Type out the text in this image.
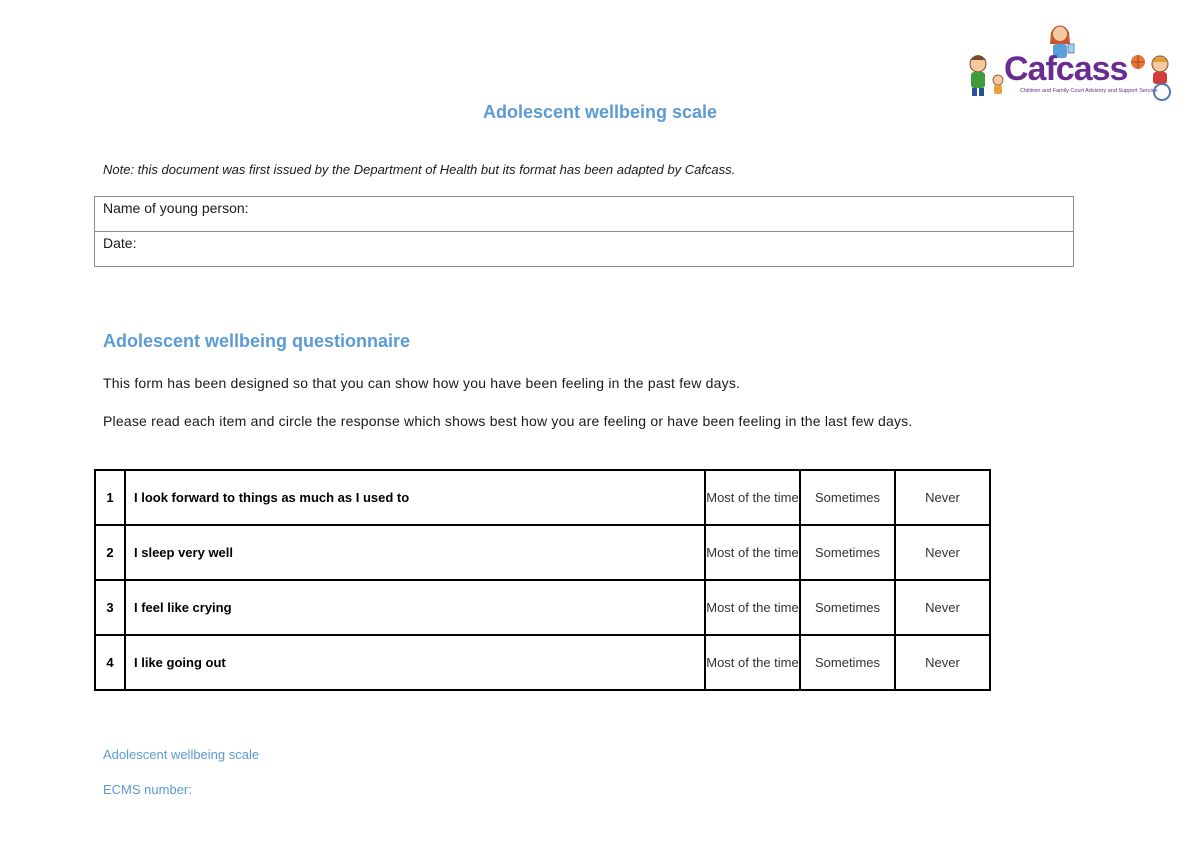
Cafcass
Children and Family Court Advisory and Support Service
Adolescent wellbeing scale
Note: this document was first issued by the Department of Health but its format has been adapted by Cafcass.
Name of young person:
Date:
Adolescent wellbeing questionnaire
This form has been designed so that you can show how you have been feeling in the past few days.
Please read each item and circle the response which shows best how you are feeling or have been feeling in the last few days.
1	I look forward to things as much as I used to	Most of the time	Sometimes	Never
2	I sleep very well	Most of the time	Sometimes	Never
3	I feel like crying	Most of the time	Sometimes	Never
4	I like going out	Most of the time	Sometimes	Never
Adolescent wellbeing scale
ECMS number:
